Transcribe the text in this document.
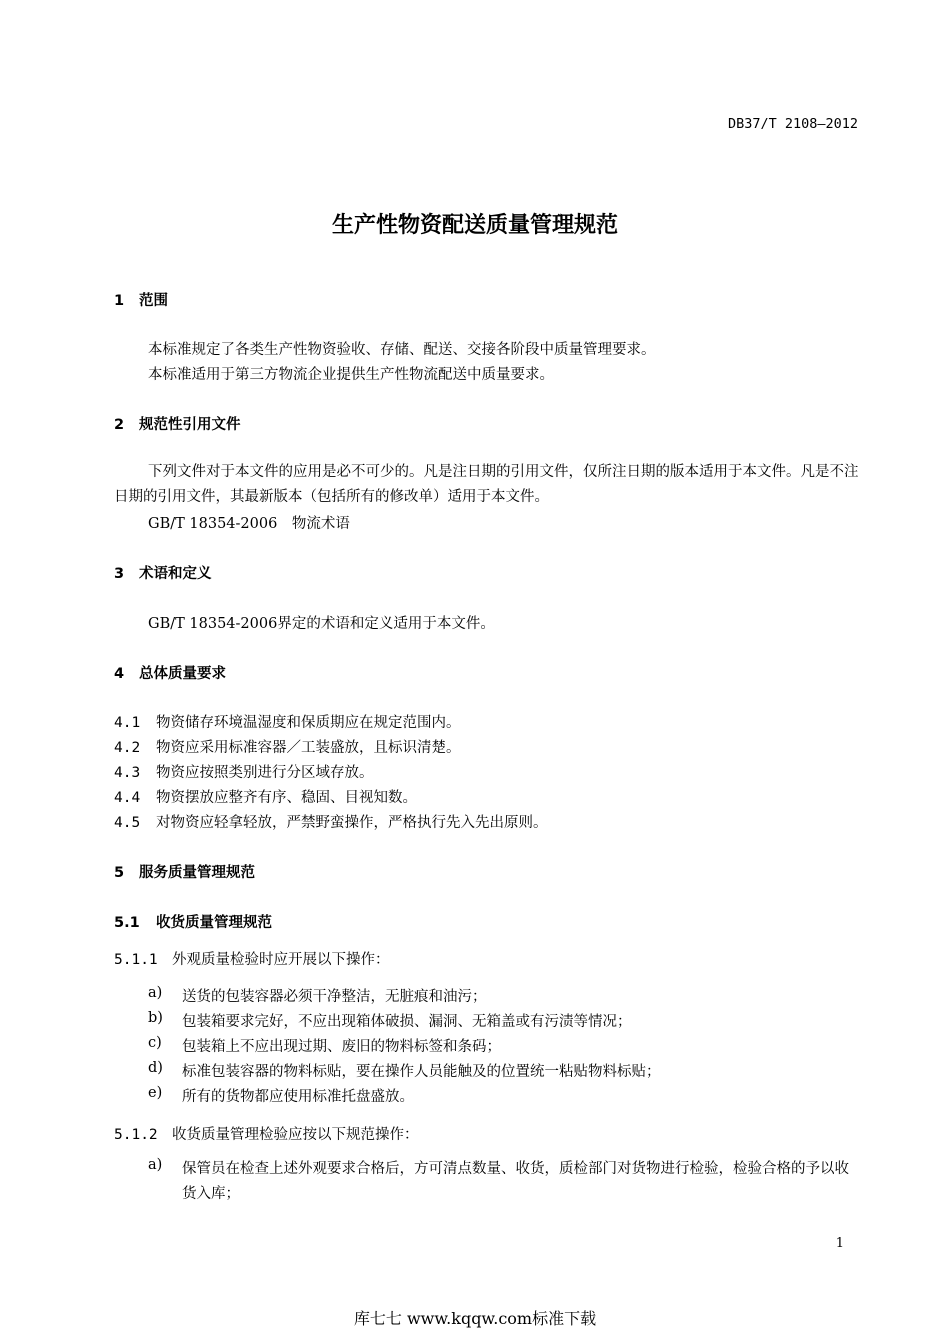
DB37/T 2108—2012
生产性物资配送质量管理规范
1 范围
本标准规定了各类生产性物资验收、存储、配送、交接各阶段中质量管理要求。
本标准适用于第三方物流企业提供生产性物流配送中质量要求。
2 规范性引用文件
下列文件对于本文件的应用是必不可少的。凡是注日期的引用文件，仅所注日期的版本适用于本文件。凡是不注日期的引用文件，其最新版本（包括所有的修改单）适用于本文件。
GB/T 18354-2006　物流术语
3 术语和定义
GB/T 18354-2006界定的术语和定义适用于本文件。
4 总体质量要求
4.1 物资储存环境温湿度和保质期应在规定范围内。
4.2 物资应采用标准容器／工装盛放，且标识清楚。
4.3 物资应按照类别进行分区域存放。
4.4 物资摆放应整齐有序、稳固、目视知数。
4.5 对物资应轻拿轻放，严禁野蛮操作，严格执行先入先出原则。
5 服务质量管理规范
5.1 收货质量管理规范
5.1.1 外观质量检验时应开展以下操作：
a)	送货的包装容器必须干净整洁，无脏痕和油污；
b)	包装箱要求完好，不应出现箱体破损、漏洞、无箱盖或有污渍等情况；
c)	包装箱上不应出现过期、废旧的物料标签和条码；
d)	标准包装容器的物料标贴，要在操作人员能触及的位置统一粘贴物料标贴；
e)	所有的货物都应使用标准托盘盛放。
5.1.2 收货质量管理检验应按以下规范操作：
a)	保管员在检查上述外观要求合格后，方可清点数量、收货，质检部门对货物进行检验，检验合格的予以收货入库；
1
库七七 www.kqqw.com标准下载
